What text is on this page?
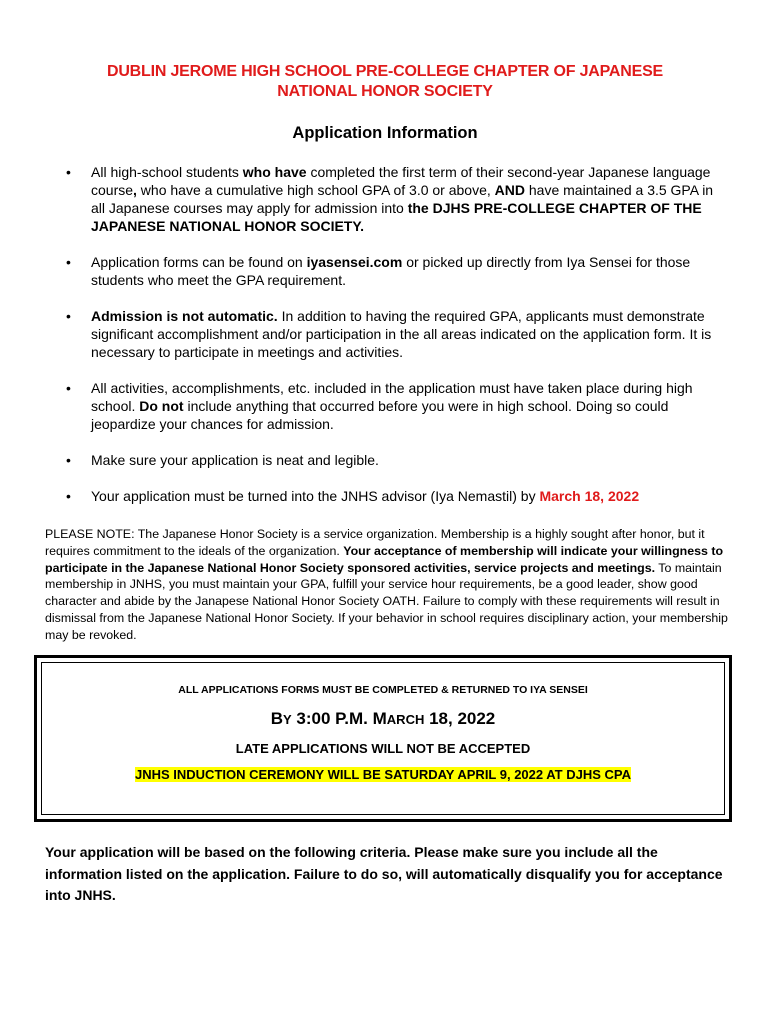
DUBLIN JEROME HIGH SCHOOL PRE-COLLEGE CHAPTER OF JAPANESE
NATIONAL HONOR SOCIETY
Application Information
• All high-school students who have completed the first term of their second-year Japanese language course, who have a cumulative high school GPA of 3.0 or above, AND have maintained a 3.5 GPA in all Japanese courses may apply for admission into the DJHS PRE-COLLEGE CHAPTER OF THE JAPANESE NATIONAL HONOR SOCIETY.
• Application forms can be found on iyasensei.com or picked up directly from Iya Sensei for those students who meet the GPA requirement.
• Admission is not automatic. In addition to having the required GPA, applicants must demonstrate significant accomplishment and/or participation in the all areas indicated on the application form. It is necessary to participate in meetings and activities.
• All activities, accomplishments, etc. included in the application must have taken place during high school. Do not include anything that occurred before you were in high school. Doing so could jeopardize your chances for admission.
• Make sure your application is neat and legible.
• Your application must be turned into the JNHS advisor (Iya Nemastil) by March 18, 2022
PLEASE NOTE: The Japanese Honor Society is a service organization. Membership is a highly sought after honor, but it requires commitment to the ideals of the organization. Your acceptance of membership will indicate your willingness to participate in the Japanese National Honor Society sponsored activities, service projects and meetings. To maintain membership in JNHS, you must maintain your GPA, fulfill your service hour requirements, be a good leader, show good character and abide by the Janapese National Honor Society OATH. Failure to comply with these requirements will result in dismissal from the Japanese National Honor Society. If your behavior in school requires disciplinary action, your membership may be revoked.
ALL APPLICATIONS FORMS MUST BE COMPLETED & RETURNED TO IYA SENSEI
BY 3:00 P.M. MARCH 18, 2022
LATE APPLICATIONS WILL NOT BE ACCEPTED
JNHS INDUCTION CEREMONY WILL BE SATURDAY APRIL 9, 2022 AT DJHS CPA
Your application will be based on the following criteria. Please make sure you include all the information listed on the application. Failure to do so, will automatically disqualify you for acceptance into JNHS.
